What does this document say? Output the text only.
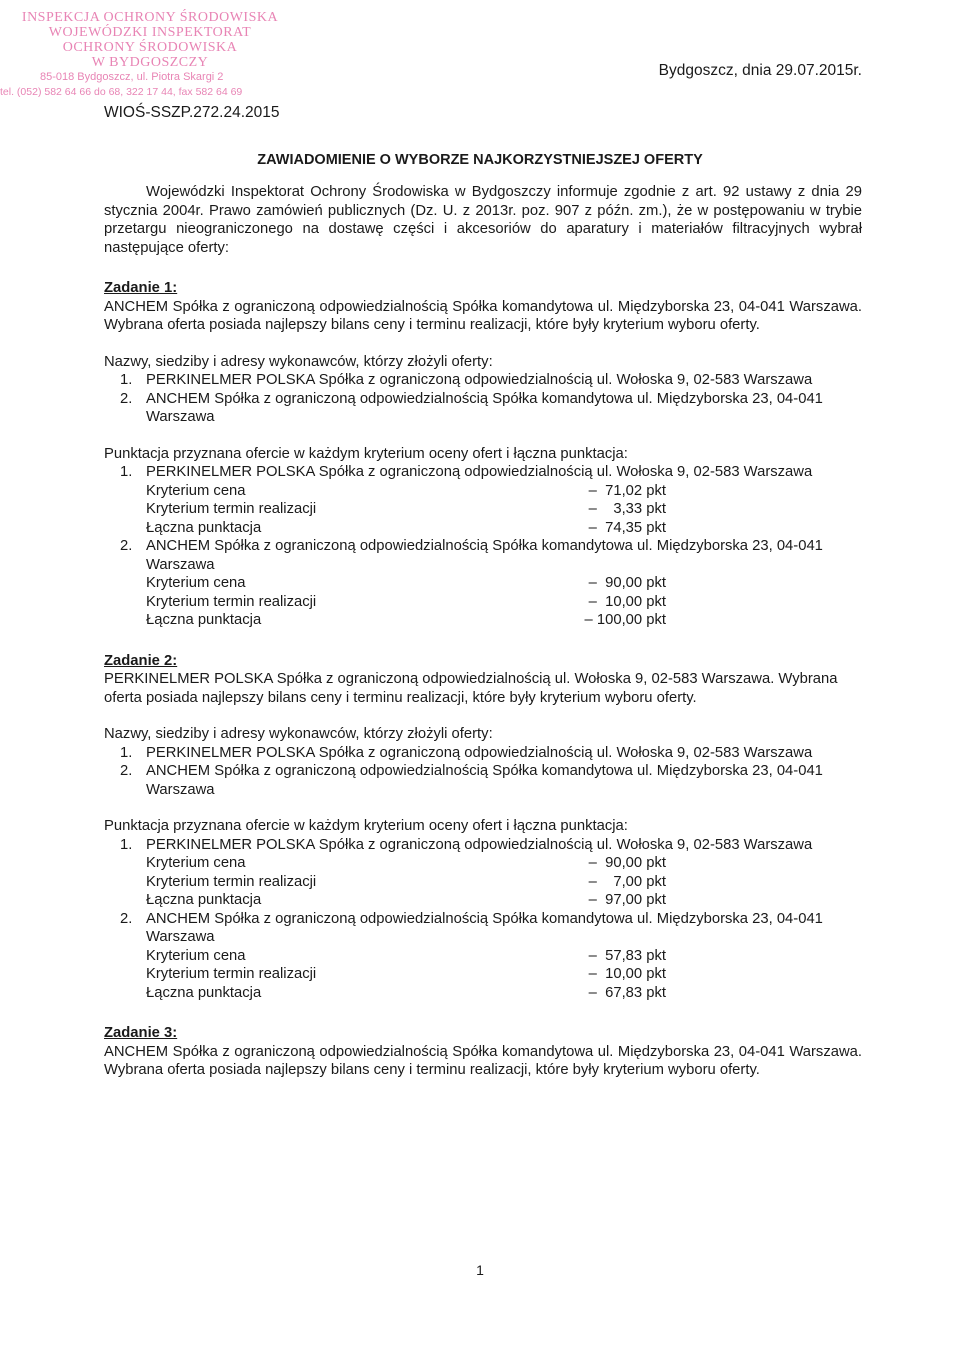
INSPEKCJA OCHRONY ŚRODOWISKA
WOJEWÓDZKI INSPEKTORAT
OCHRONY ŚRODOWISKA
W BYDGOSZCZY
85-018 Bydgoszcz, ul. Piotra Skargi 2
tel. (052) 582 64 66 do 68, 322 17 44, fax 582 64 69
WIOŚ-SSZP.272.24.2015
Bydgoszcz, dnia 29.07.2015r.
ZAWIADOMIENIE O WYBORZE NAJKORZYSTNIEJSZEJ OFERTY
Wojewódzki Inspektorat Ochrony Środowiska w Bydgoszczy informuje zgodnie z art. 92 ustawy z dnia 29 stycznia 2004r. Prawo zamówień publicznych (Dz. U. z 2013r. poz. 907 z późn. zm.), że w postępowaniu w trybie przetargu nieograniczonego na dostawę części i akcesoriów do aparatury i materiałów filtracyjnych wybrał następujące oferty:
Zadanie 1:
ANCHEM Spółka z ograniczoną odpowiedzialnością Spółka komandytowa ul. Międzyborska 23, 04-041 Warszawa. Wybrana oferta posiada najlepszy bilans ceny i terminu realizacji, które były kryterium wyboru oferty.
Nazwy, siedziby i adresy wykonawców, którzy złożyli oferty:
1. PERKINELMER POLSKA Spółka z ograniczoną odpowiedzialnością ul. Wołoska 9, 02-583 Warszawa
2. ANCHEM Spółka z ograniczoną odpowiedzialnością Spółka komandytowa ul. Międzyborska 23, 04-041 Warszawa
Punktacja przyznana ofercie w każdym kryterium oceny ofert i łączna punktacja:
1. PERKINELMER POLSKA Spółka z ograniczoną odpowiedzialnością ul. Wołoska 9, 02-583 Warszawa
Kryterium cena	–  71,02 pkt
Kryterium termin realizacji	–    3,33 pkt
Łączna punktacja	–  74,35 pkt
2. ANCHEM Spółka z ograniczoną odpowiedzialnością Spółka komandytowa ul. Międzyborska 23, 04-041 Warszawa
Kryterium cena	–  90,00 pkt
Kryterium termin realizacji	–  10,00 pkt
Łączna punktacja	– 100,00 pkt
Zadanie 2:
PERKINELMER POLSKA Spółka z ograniczoną odpowiedzialnością ul. Wołoska 9, 02-583 Warszawa. Wybrana oferta posiada najlepszy bilans ceny i terminu realizacji, które były kryterium wyboru oferty.
Nazwy, siedziby i adresy wykonawców, którzy złożyli oferty:
1. PERKINELMER POLSKA Spółka z ograniczoną odpowiedzialnością ul. Wołoska 9, 02-583 Warszawa
2. ANCHEM Spółka z ograniczoną odpowiedzialnością Spółka komandytowa ul. Międzyborska 23, 04-041 Warszawa
Punktacja przyznana ofercie w każdym kryterium oceny ofert i łączna punktacja:
1. PERKINELMER POLSKA Spółka z ograniczoną odpowiedzialnością ul. Wołoska 9, 02-583 Warszawa
Kryterium cena	–  90,00 pkt
Kryterium termin realizacji	–    7,00 pkt
Łączna punktacja	–  97,00 pkt
2. ANCHEM Spółka z ograniczoną odpowiedzialnością Spółka komandytowa ul. Międzyborska 23, 04-041 Warszawa
Kryterium cena	–  57,83 pkt
Kryterium termin realizacji	–  10,00 pkt
Łączna punktacja	–  67,83 pkt
Zadanie 3:
ANCHEM Spółka z ograniczoną odpowiedzialnością Spółka komandytowa ul. Międzyborska 23, 04-041 Warszawa. Wybrana oferta posiada najlepszy bilans ceny i terminu realizacji, które były kryterium wyboru oferty.
1
